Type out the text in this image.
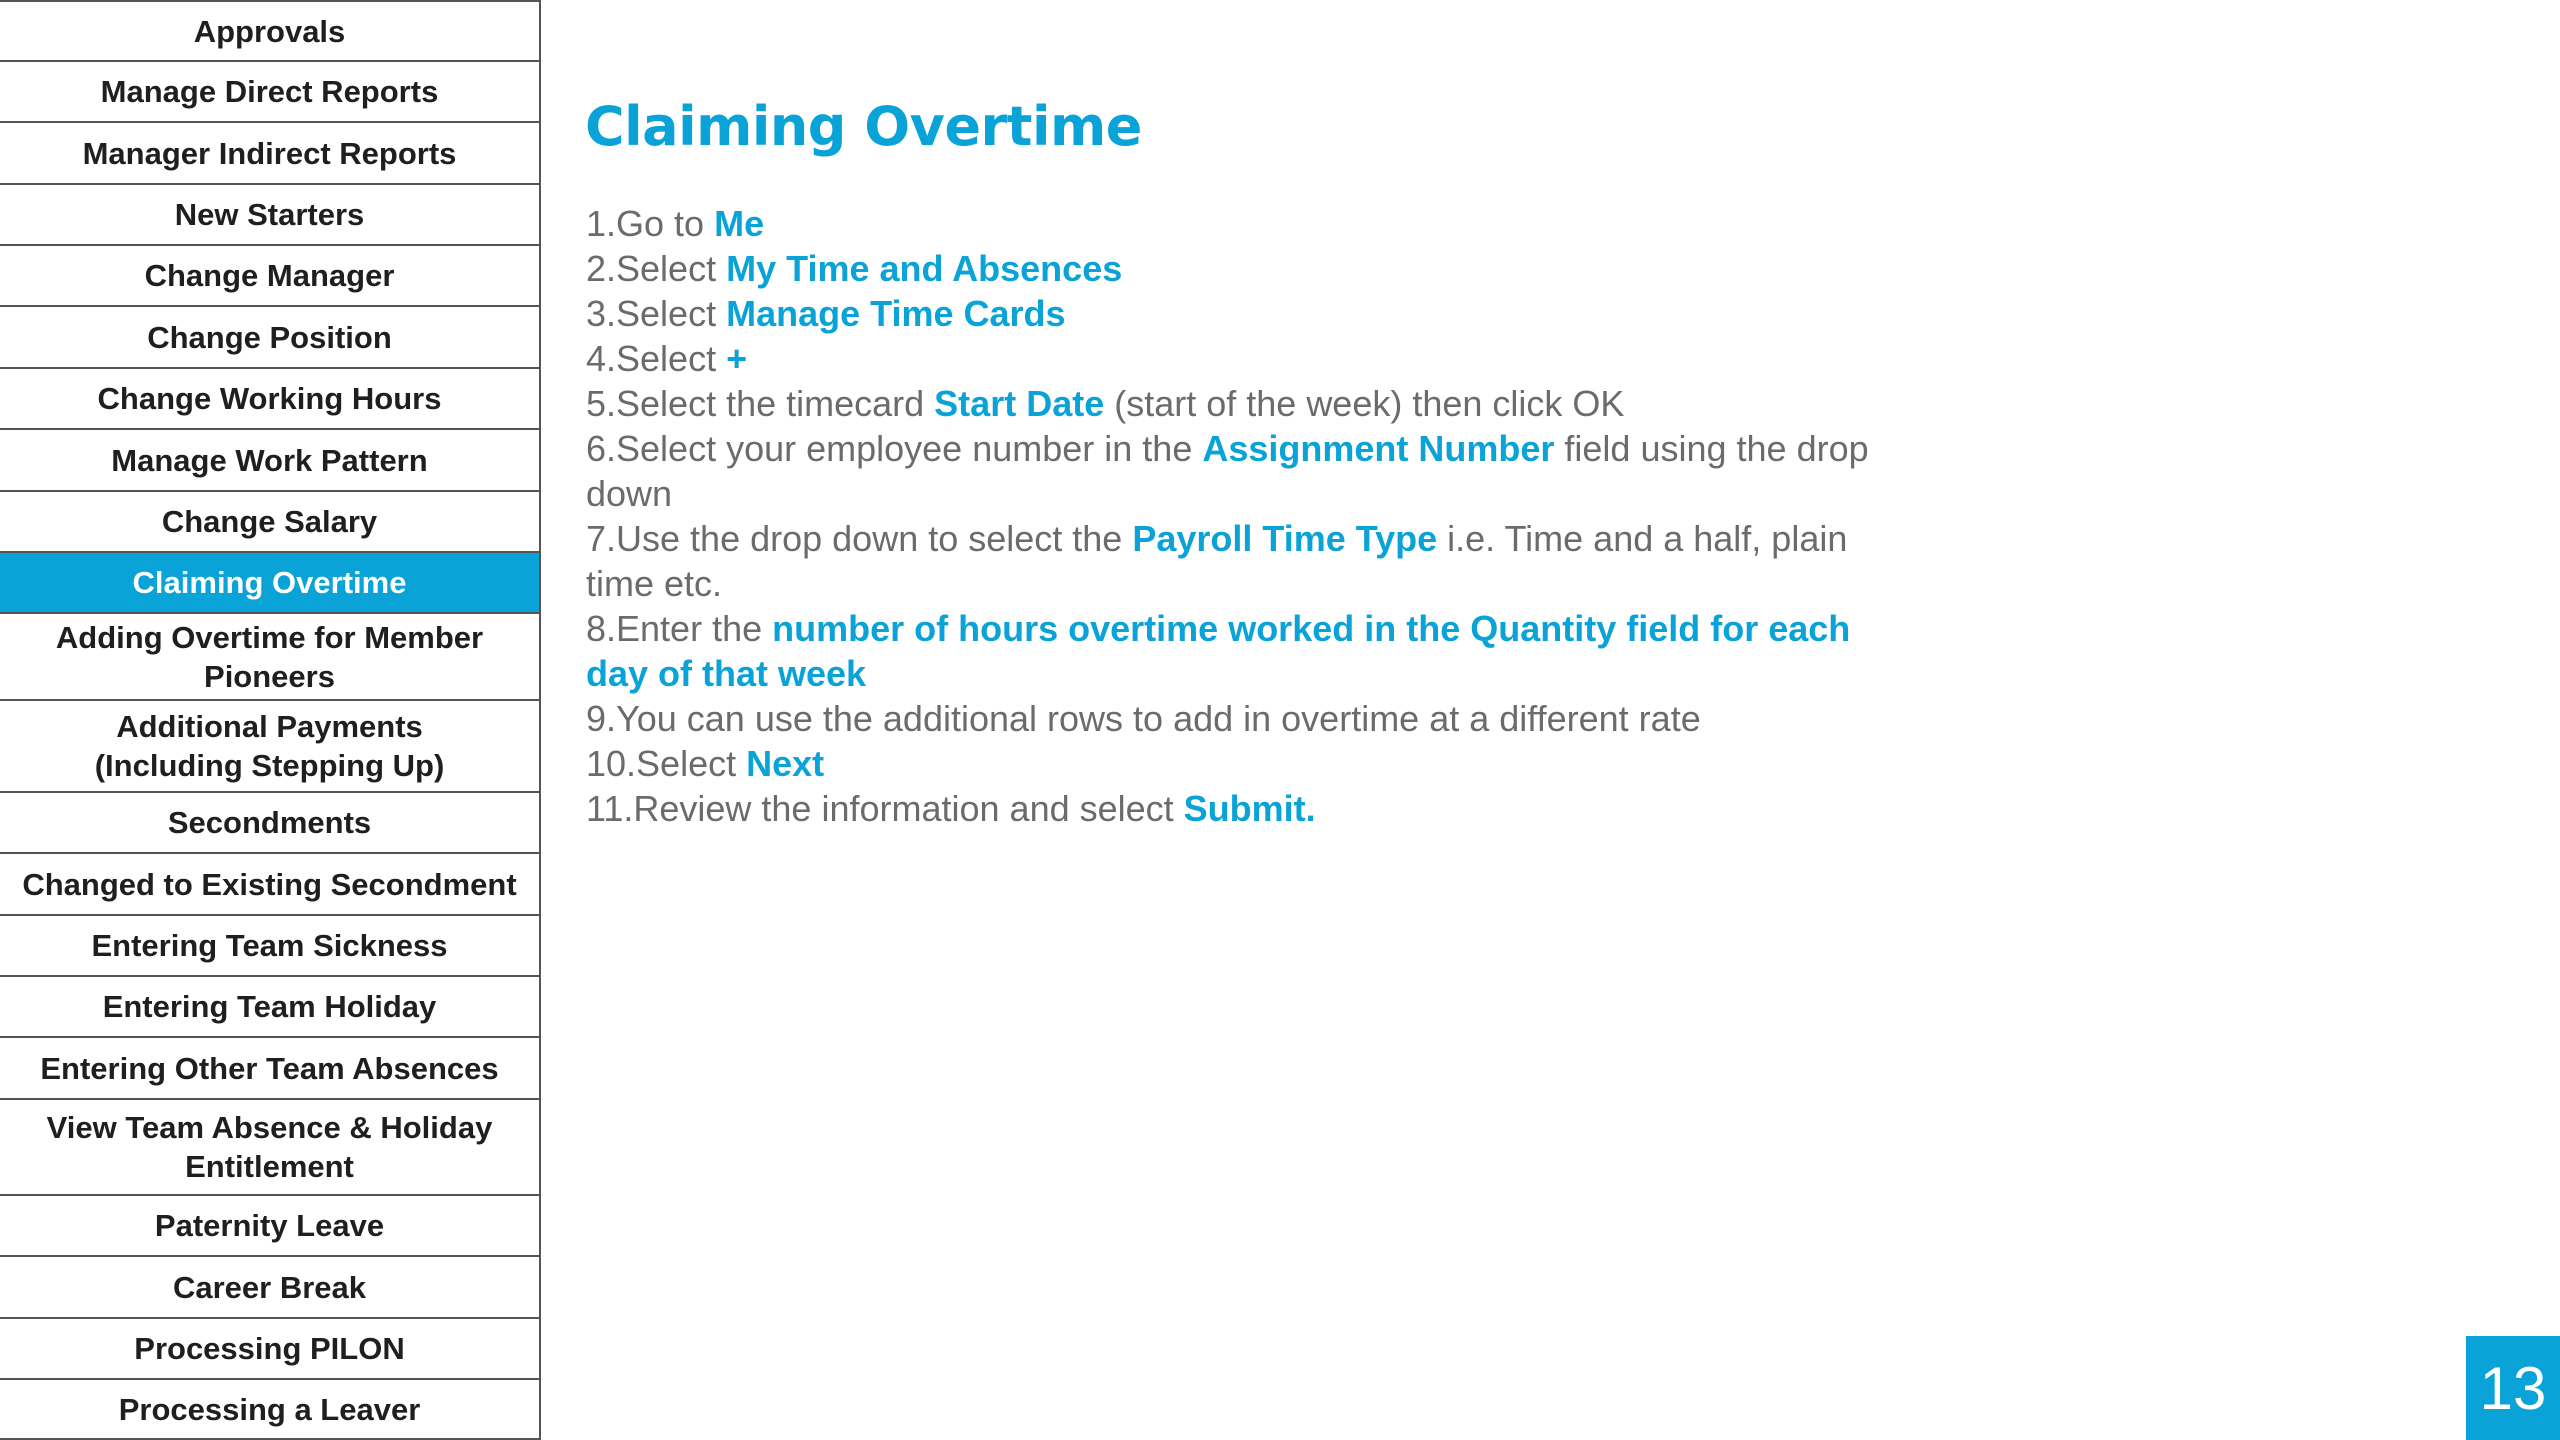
Approvals
Manage Direct Reports
Manager Indirect Reports
New Starters
Change Manager
Change Position
Change Working Hours
Manage Work Pattern
Change Salary
Claiming Overtime
Adding Overtime for Member
Pioneers
Additional Payments
(Including Stepping Up)
Secondments
Changed to Existing Secondment
Entering Team Sickness
Entering Team Holiday
Entering Other Team Absences
View Team Absence & Holiday
Entitlement
Paternity Leave
Career Break
Processing PILON
Processing a Leaver
Claiming Overtime
1.Go to Me
2.Select My Time and Absences
3.Select Manage Time Cards
4.Select +
5.Select the timecard Start Date (start of the week) then click OK
6.Select your employee number in the Assignment Number field using the drop down
7.Use the drop down to select the Payroll Time Type i.e. Time and a half, plain time etc.
8.Enter the number of hours overtime worked in the Quantity field for each day of that week
9.You can use the additional rows to add in overtime at a different rate
10.Select Next
11.Review the information and select Submit.
13
